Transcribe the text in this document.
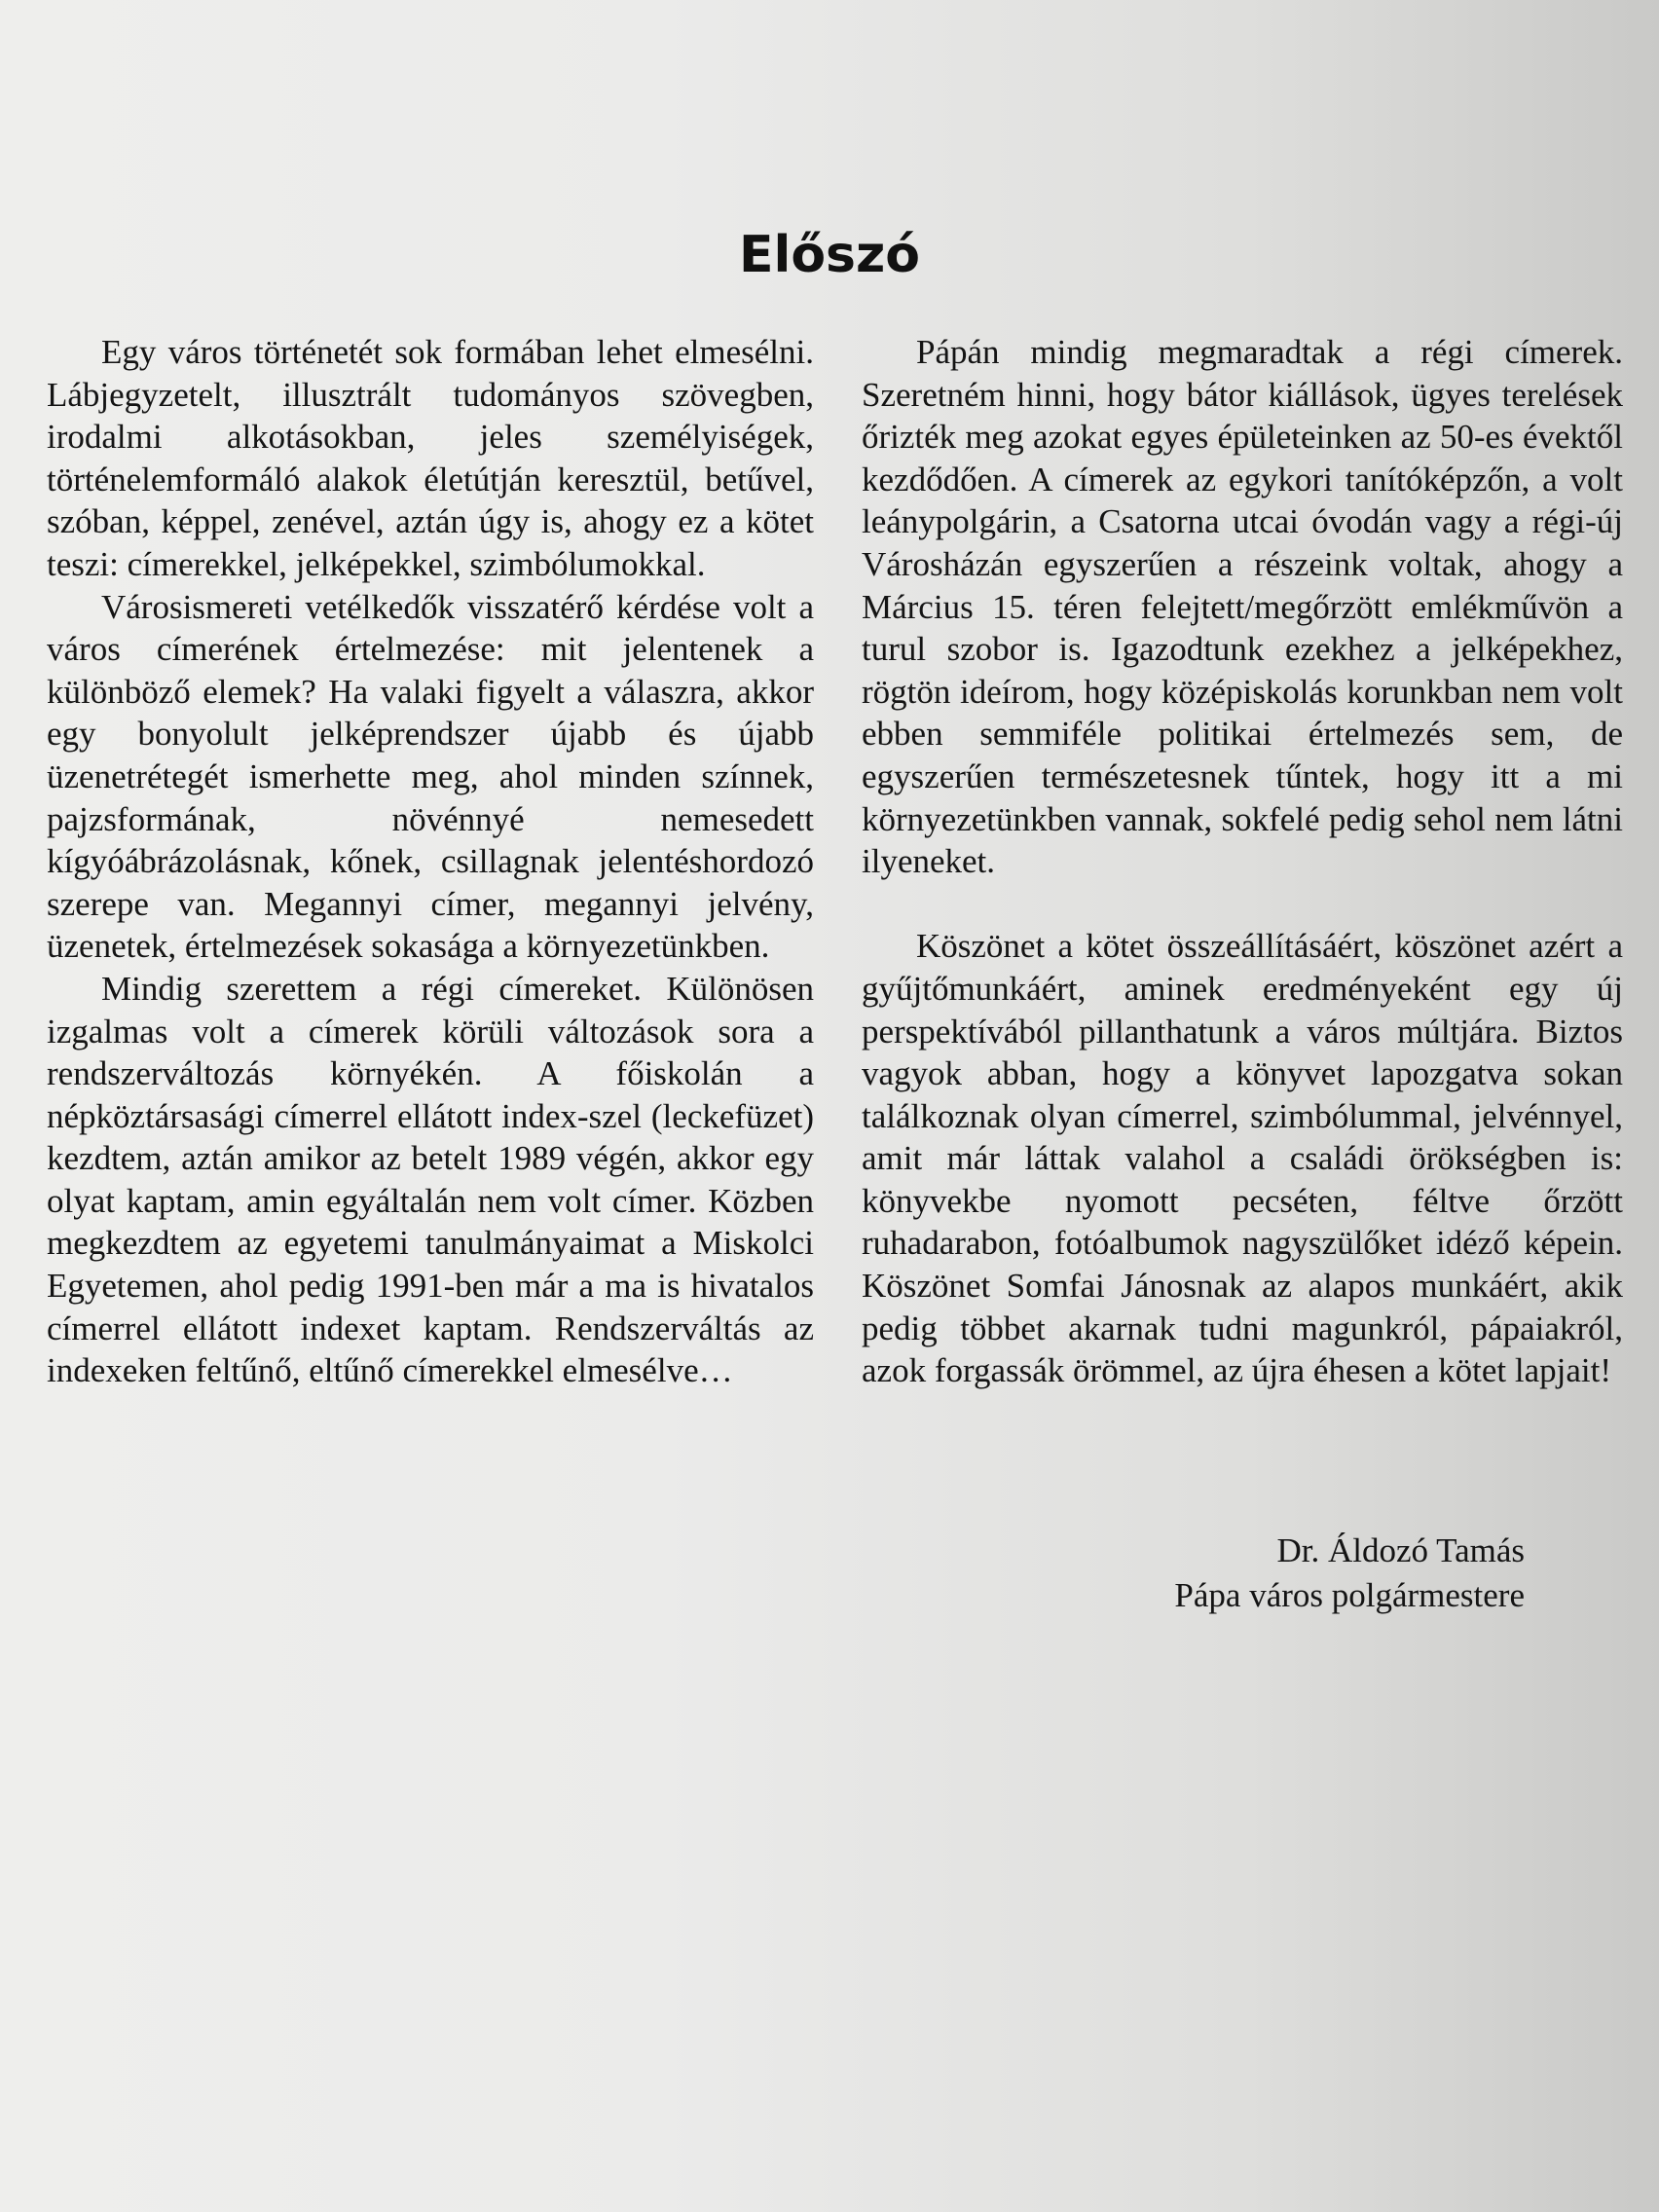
Előszó

Egy város történetét sok formában lehet elmesélni. Lábjegyzetelt, illusztrált tudományos szövegben, irodalmi alkotásokban, jeles személyiségek, történelemformáló alakok életútján keresztül, betűvel, szóban, képpel, zenével, aztán úgy is, ahogy ez a kötet teszi: címerekkel, jelképekkel, szimbólumokkal.

Városismereti vetélkedők visszatérő kérdése volt a város címerének értelmezése: mit jelentenek a különböző elemek? Ha valaki figyelt a válaszra, akkor egy bonyolult jelképrendszer újabb és újabb üzenetrétegét ismerhette meg, ahol minden színnek, pajzsformának, növénnyé nemesedett kígyóábrázolásnak, kőnek, csillagnak jelentéshordozó szerepe van. Megannyi címer, megannyi jelvény, üzenetek, értelmezések sokasága a környezetünkben.

Mindig szerettem a régi címereket. Különösen izgalmas volt a címerek körüli változások sora a rendszerváltozás környékén. A főiskolán a népköztársasági címerrel ellátott index-szel (leckefüzet) kezdtem, aztán amikor az betelt 1989 végén, akkor egy olyat kaptam, amin egyáltalán nem volt címer. Közben megkezdtem az egyetemi tanulmányaimat a Miskolci Egyetemen, ahol pedig 1991-ben már a ma is hivatalos címerrel ellátott indexet kaptam. Rendszerváltás az indexeken feltűnő, eltűnő címerekkel elmesélve…

Pápán mindig megmaradtak a régi címerek. Szeretném hinni, hogy bátor kiállások, ügyes terelések őrizték meg azokat egyes épületeinken az 50-es évektől kezdődően. A címerek az egykori tanítóképzőn, a volt leánypolgárin, a Csatorna utcai óvodán vagy a régi-új Városházán egyszerűen a részeink voltak, ahogy a Március 15. téren felejtett/megőrzött emlékművön a turul szobor is. Igazodtunk ezekhez a jelképekhez, rögtön ideírom, hogy középiskolás korunkban nem volt ebben semmiféle politikai értelmezés sem, de egyszerűen természetesnek tűntek, hogy itt a mi környezetünkben vannak, sokfelé pedig sehol nem látni ilyeneket.

Köszönet a kötet összeállításáért, köszönet azért a gyűjtőmunkáért, aminek eredményeként egy új perspektívából pillanthatunk a város múltjára. Biztos vagyok abban, hogy a könyvet lapozgatva sokan találkoznak olyan címerrel, szimbólummal, jelvénnyel, amit már láttak valahol a családi örökségben is: könyvekbe nyomott pecséten, féltve őrzött ruhadarabon, fotóalbumok nagyszülőket idéző képein. Köszönet Somfai Jánosnak az alapos munkáért, akik pedig többet akarnak tudni magunkról, pápaiakról, azok forgassák örömmel, az újra éhesen a kötet lapjait!

Dr. Áldozó Tamás
Pápa város polgármestere
